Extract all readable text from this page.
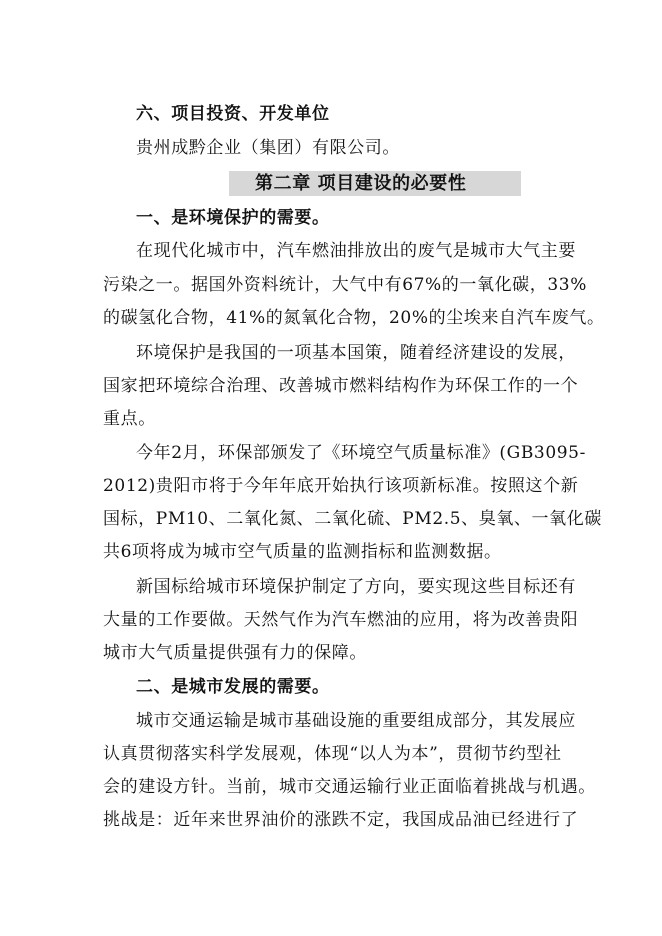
六、项目投资、开发单位
贵州成黔企业（集团）有限公司。
第二章 项目建设的必要性
一、是环境保护的需要。
在现代化城市中，汽车燃油排放出的废气是城市大气主要
污染之一。据国外资料统计，大气中有67%的一氧化碳，33%
的碳氢化合物，41%的氮氧化合物，20%的尘埃来自汽车废气。
环境保护是我国的一项基本国策，随着经济建设的发展，
国家把环境综合治理、改善城市燃料结构作为环保工作的一个
重点。
今年2月，环保部颁发了《环境空气质量标准》(GB3095-
2012)贵阳市将于今年年底开始执行该项新标准。按照这个新
国标，PM10、二氧化氮、二氧化硫、PM2.5、臭氧、一氧化碳
共6项将成为城市空气质量的监测指标和监测数据。
新国标给城市环境保护制定了方向，要实现这些目标还有
大量的工作要做。天然气作为汽车燃油的应用，将为改善贵阳
城市大气质量提供强有力的保障。
二、是城市发展的需要。
城市交通运输是城市基础设施的重要组成部分，其发展应
认真贯彻落实科学发展观，体现“以人为本”，贯彻节约型社
会的建设方针。当前，城市交通运输行业正面临着挑战与机遇。
挑战是：近年来世界油价的涨跌不定，我国成品油已经进行了
